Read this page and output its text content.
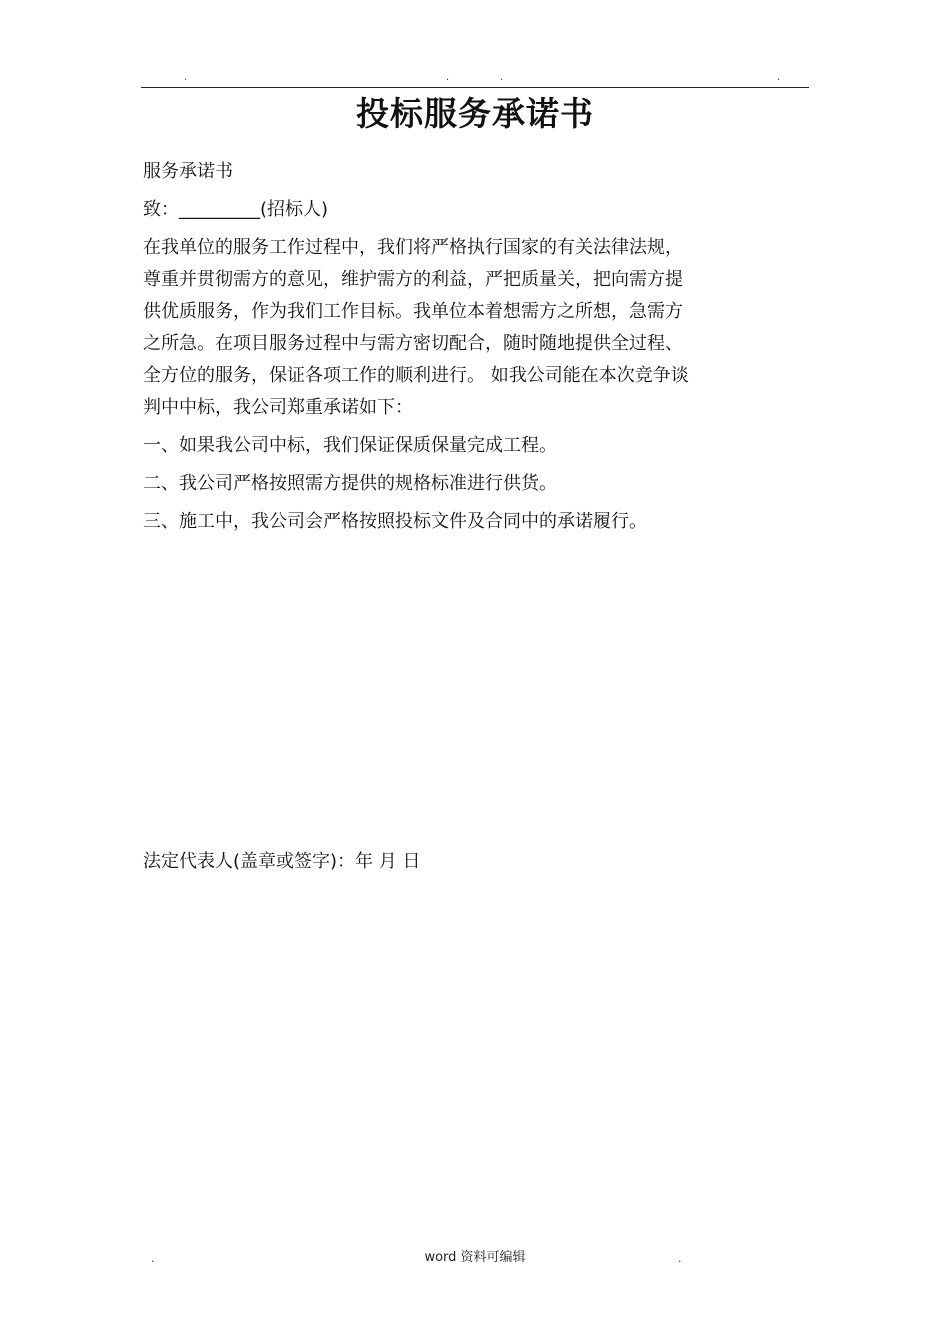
.	.	.	.
投标服务承诺书
服务承诺书
致：_________(招标人)
在我单位的服务工作过程中，我们将严格执行国家的有关法律法规，
尊重并贯彻需方的意见，维护需方的利益，严把质量关，把向需方提
供优质服务，作为我们工作目标。我单位本着想需方之所想，急需方
之所急。在项目服务过程中与需方密切配合，随时随地提供全过程、
全方位的服务，保证各项工作的顺利进行。 如我公司能在本次竞争谈
判中中标，我公司郑重承诺如下：
一、如果我公司中标，我们保证保质保量完成工程。
二、我公司严格按照需方提供的规格标准进行供货。
三、施工中，我公司会严格按照投标文件及合同中的承诺履行。
法定代表人(盖章或签字)：年 月 日
.	word 资料可编辑	.
